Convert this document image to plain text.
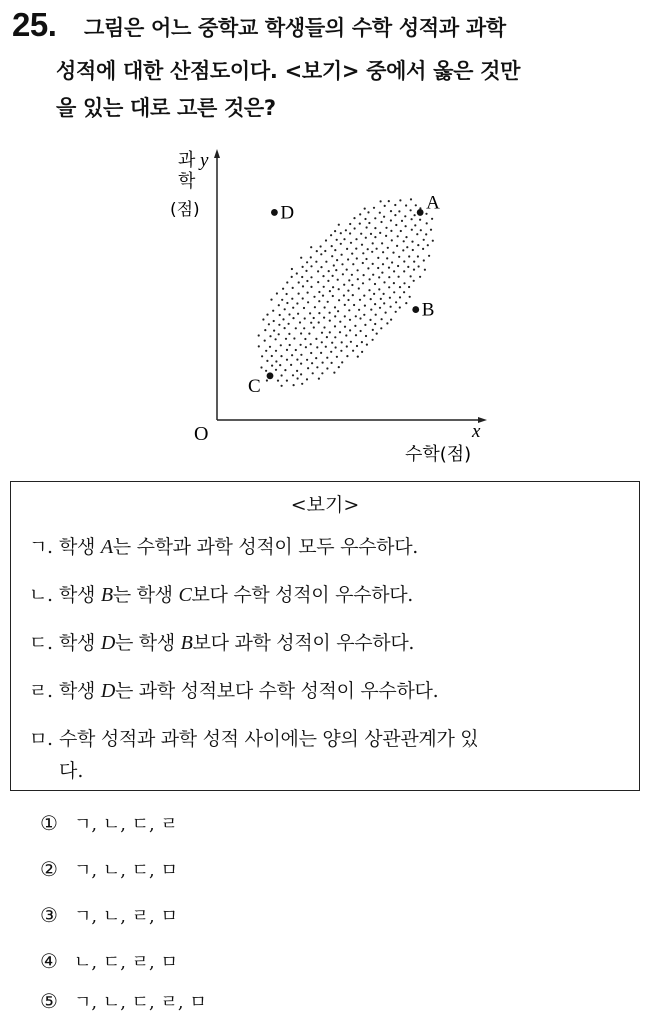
25. 그림은 어느 중학교 학생들의 수학 성적과 과학
성적에 대한 산점도이다. <보기> 중에서 옳은 것만
을 있는 대로 고른 것은?
과
학
(점)
y
x
수학(점)
O
A
B
C
D
<보기>
ㄱ. 학생 A는 수학과 과학 성적이 모두 우수하다.
ㄴ. 학생 B는 학생 C보다 수학 성적이 우수하다.
ㄷ. 학생 D는 학생 B보다 과학 성적이 우수하다.
ㄹ. 학생 D는 과학 성적보다 수학 성적이 우수하다.
ㅁ. 수학 성적과 과학 성적 사이에는 양의 상관관계가 있
다.
① ㄱ, ㄴ, ㄷ, ㄹ
② ㄱ, ㄴ, ㄷ, ㅁ
③ ㄱ, ㄴ, ㄹ, ㅁ
④ ㄴ, ㄷ, ㄹ, ㅁ
⑤ ㄱ, ㄴ, ㄷ, ㄹ, ㅁ
